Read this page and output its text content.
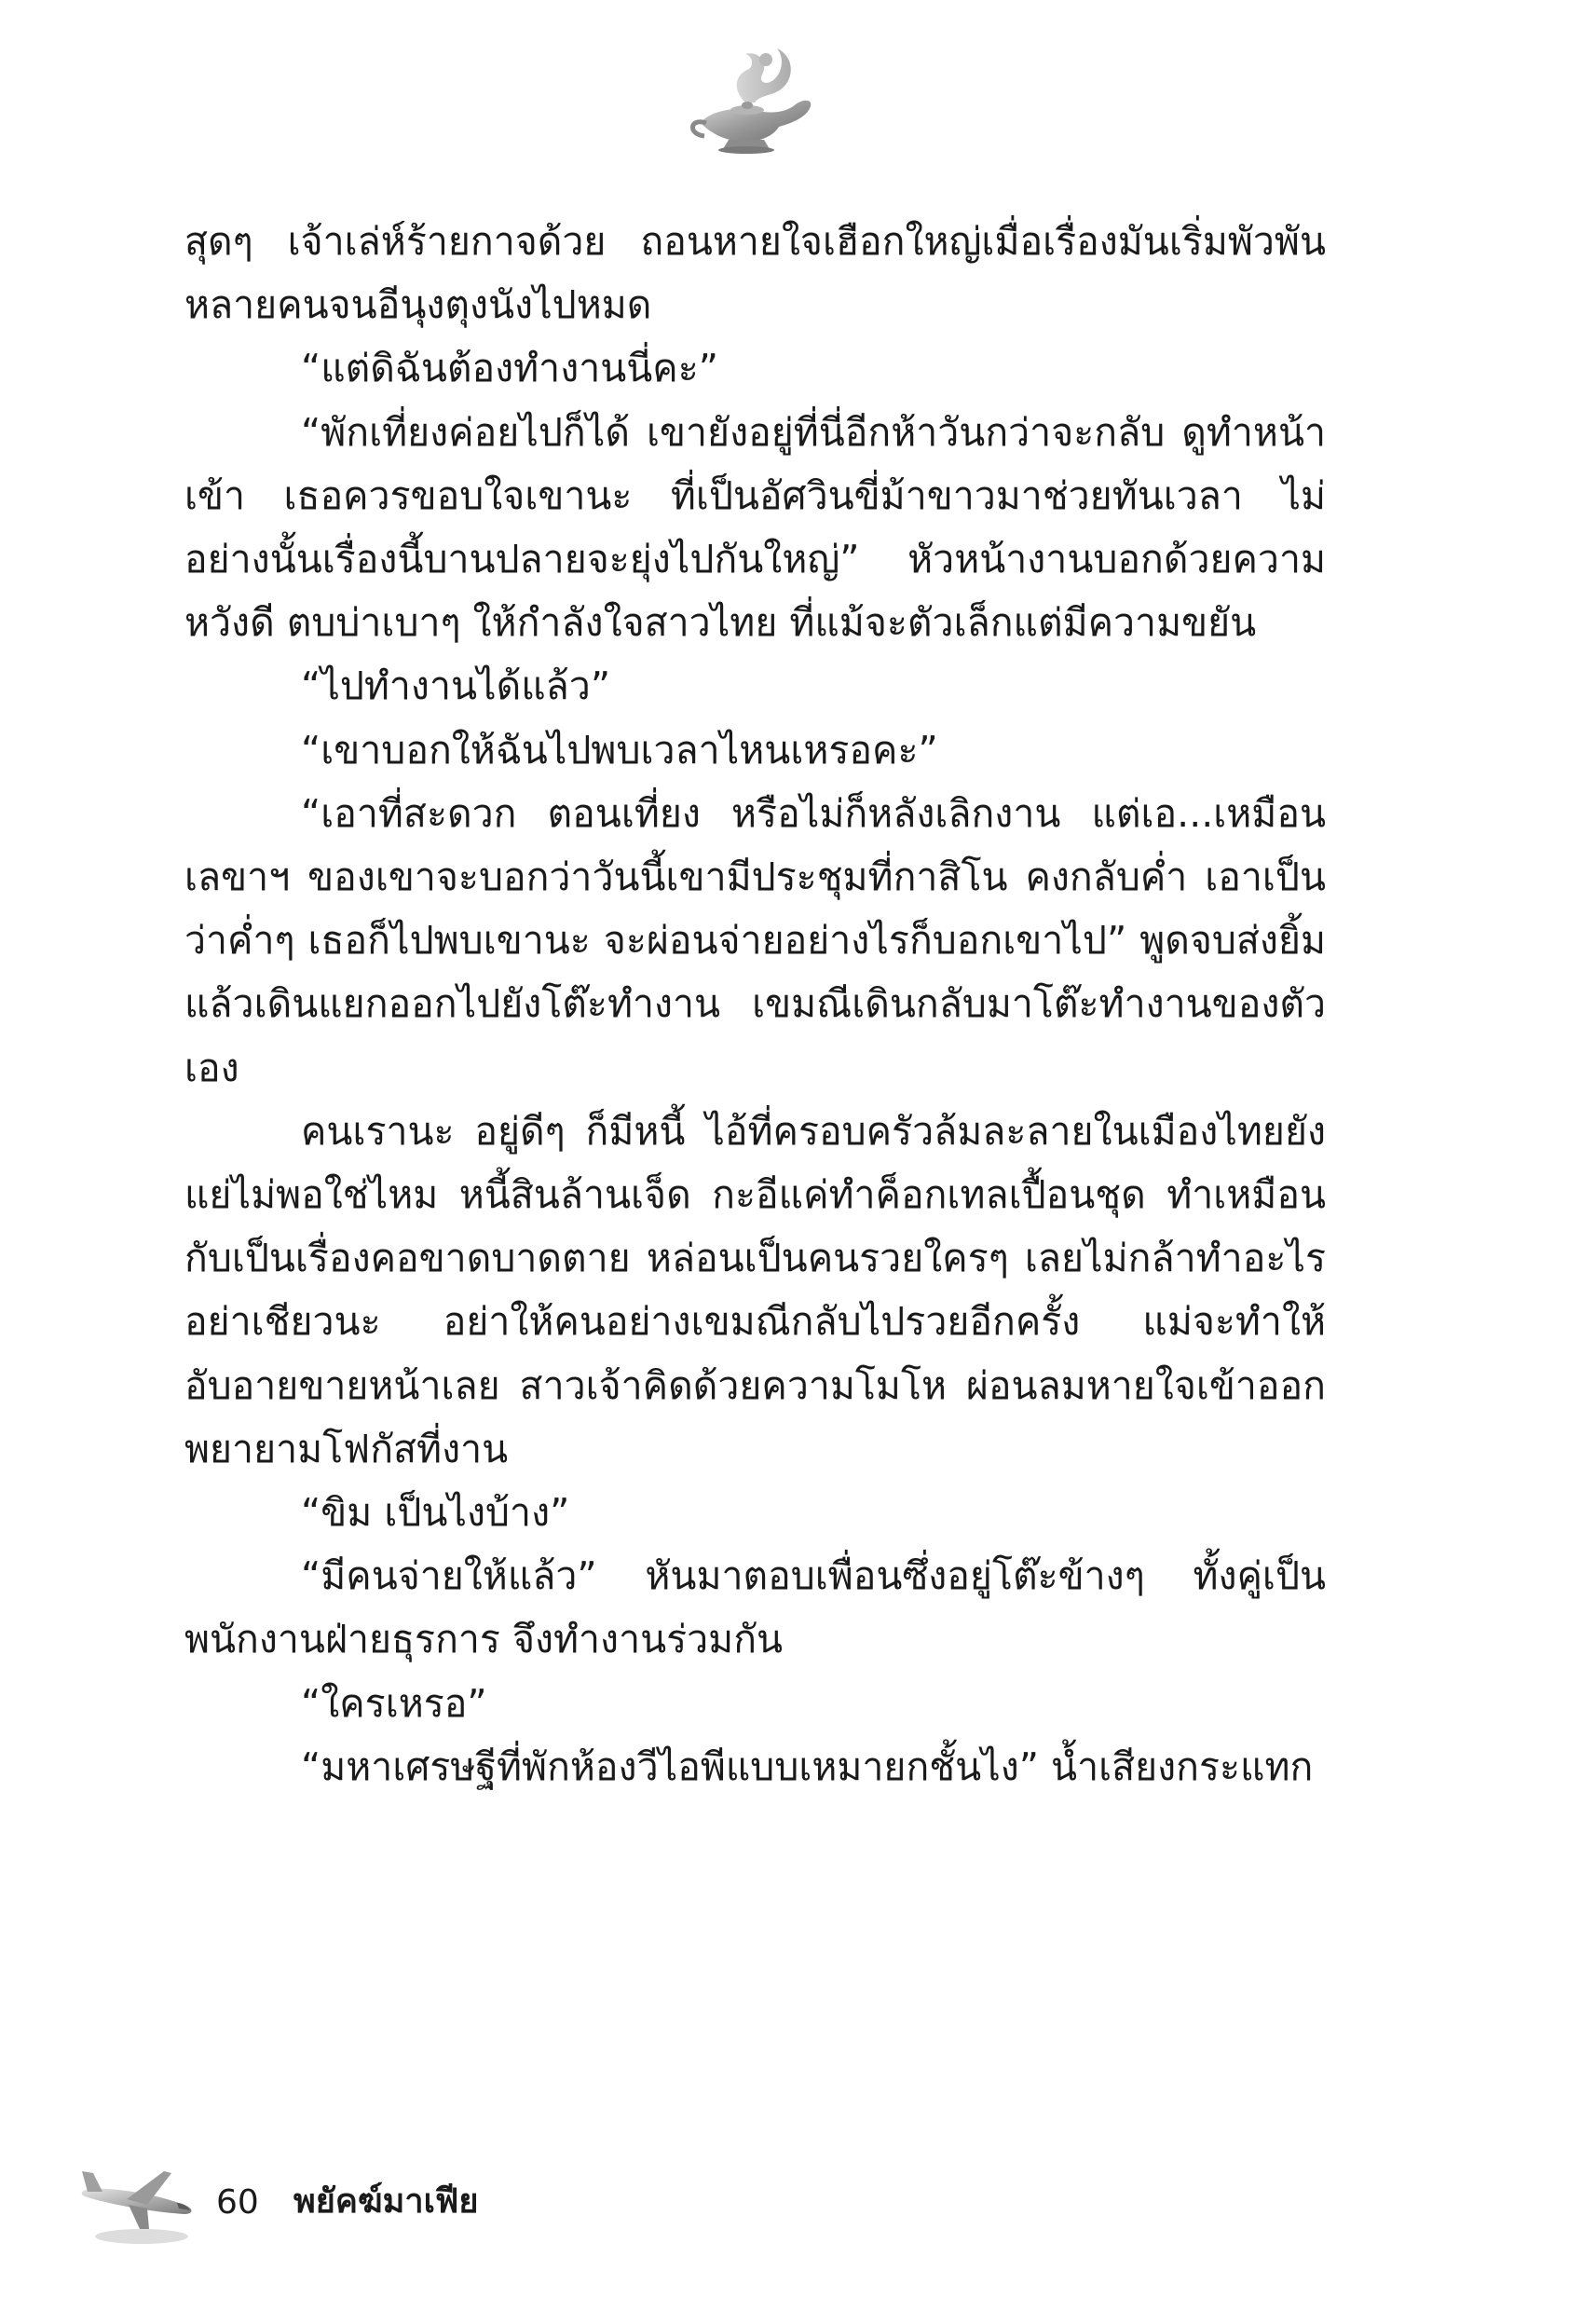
สุดๆ เจ้าเล่ห์ร้ายกาจด้วย ถอนหายใจเฮือกใหญ่เมื่อเรื่องมันเริ่มพัวพันหลายคนจนอีนุงตุงนังไปหมด

“แต่ดิฉันต้องทำงานนี่คะ”

“พักเที่ยงค่อยไปก็ได้ เขายังอยู่ที่นี่อีกห้าวันกว่าจะกลับ ดูทำหน้าเข้า เธอควรขอบใจเขานะ ที่เป็นอัศวินขี่ม้าขาวมาช่วยทันเวลา ไม่อย่างนั้นเรื่องนี้บานปลายจะยุ่งไปกันใหญ่” หัวหน้างานบอกด้วยความหวังดี ตบบ่าเบาๆ ให้กำลังใจสาวไทย ที่แม้จะตัวเล็กแต่มีความขยัน

“ไปทำงานได้แล้ว”

“เขาบอกให้ฉันไปพบเวลาไหนเหรอคะ”

“เอาที่สะดวก ตอนเที่ยง หรือไม่ก็หลังเลิกงาน แต่เอ...เหมือนเลขาฯ ของเขาจะบอกว่าวันนี้เขามีประชุมที่กาสิโน คงกลับค่ำ เอาเป็นว่าค่ำๆ เธอก็ไปพบเขานะ จะผ่อนจ่ายอย่างไรก็บอกเขาไป” พูดจบส่งยิ้มแล้วเดินแยกออกไปยังโต๊ะทำงาน เขมณีเดินกลับมาโต๊ะทำงานของตัวเอง

คนเรานะ อยู่ดีๆ ก็มีหนี้ ไอ้ที่ครอบครัวล้มละลายในเมืองไทยยังแย่ไม่พอใช่ไหม หนี้สินล้านเจ็ด กะอีแค่ทำค็อกเทลเปื้อนชุด ทำเหมือนกับเป็นเรื่องคอขาดบาดตาย หล่อนเป็นคนรวยใครๆ เลยไม่กล้าทำอะไร อย่าเชียวนะ อย่าให้คนอย่างเขมณีกลับไปรวยอีกครั้ง แม่จะทำให้อับอายขายหน้าเลย สาวเจ้าคิดด้วยความโมโห ผ่อนลมหายใจเข้าออก พยายามโฟกัสที่งาน

“ขิม เป็นไงบ้าง”

“มีคนจ่ายให้แล้ว” หันมาตอบเพื่อนซึ่งอยู่โต๊ะข้างๆ ทั้งคู่เป็นพนักงานฝ่ายธุรการ จึงทำงานร่วมกัน

“ใครเหรอ”

“มหาเศรษฐีที่พักห้องวีไอพีแบบเหมายกชั้นไง” น้ำเสียงกระแทก

60 พยัคฆ์มาเฟีย
